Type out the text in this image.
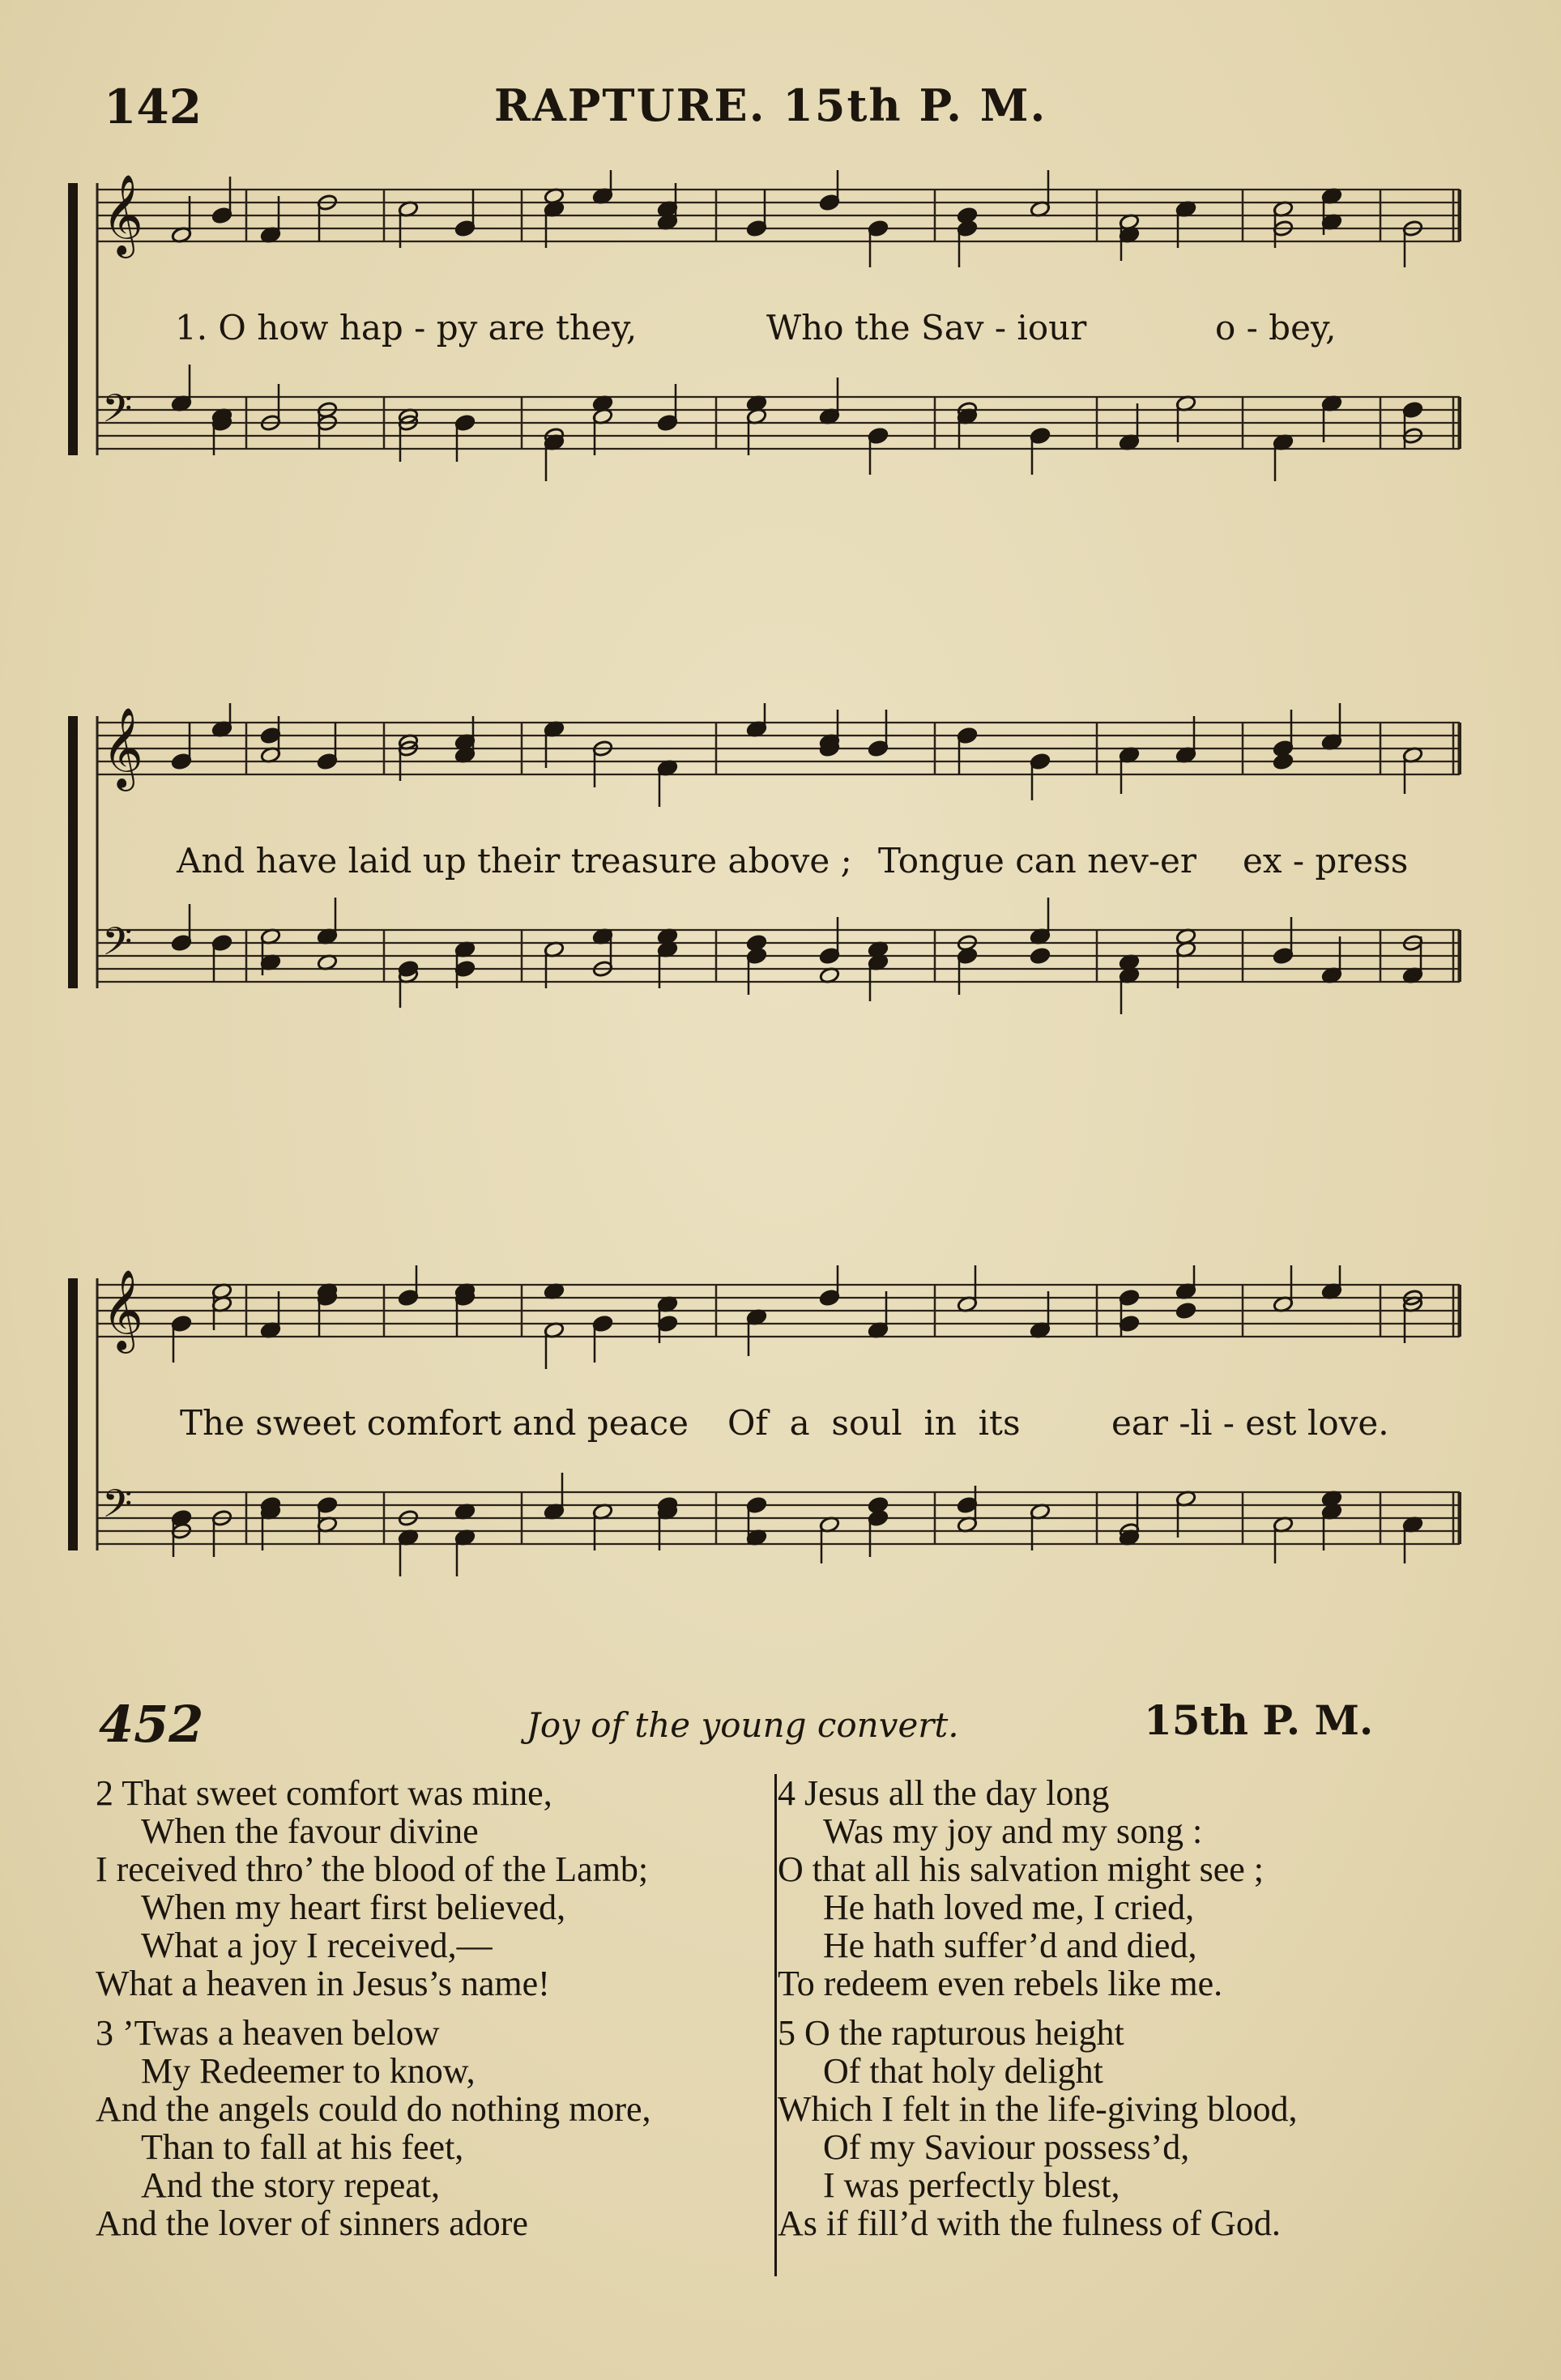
142	RAPTURE. 15th P. M.
𝄞
𝄢
1. O how hap - py are they,	Who the Sav - iour	o - bey,
𝄞
𝄢
And have laid up their treasure above ; Tongue can nev-er ex - press
𝄞
𝄢
The sweet comfort and peace Of  a  soul  in  its	ear -li - est love.
452	Joy of the young convert.	15th P. M.
2 That sweet comfort was mine,
When the favour divine
I received thro’ the blood of the Lamb;
When my heart first believed,
What a joy I received,—
What a heaven in Jesus’s name!
3 ’Twas a heaven below
My Redeemer to know,
And the angels could do nothing more,
Than to fall at his feet,
And the story repeat,
And the lover of sinners adore
4 Jesus all the day long
Was my joy and my song :
O that all his salvation might see ;
He hath loved me, I cried,
He hath suffer’d and died,
To redeem even rebels like me.
5 O the rapturous height
Of that holy delight
Which I felt in the life-giving blood,
Of my Saviour possess’d,
I was perfectly blest,
As if fill’d with the fulness of God.
